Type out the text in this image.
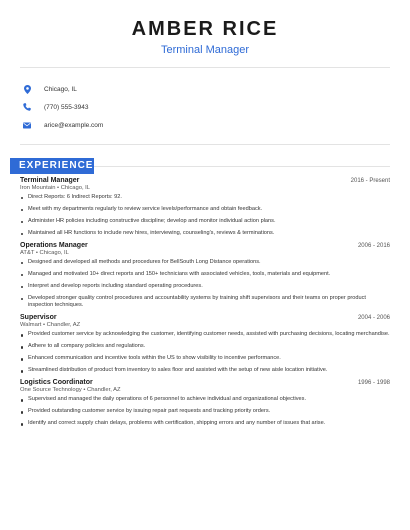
AMBER RICE
Terminal Manager
Chicago, IL
(770) 555-3943
arice@example.com
EXPERIENCE
Terminal Manager	2016 - Present
Iron Mountain • Chicago, IL
Direct Reports: 6 Indirect Reports: 92.
Meet with my departments regularly to review service levels/performance and obtain feedback.
Administer HR policies including constructive discipline; develop and monitor individual action plans.
Maintained all HR functions to include new hires, interviewing, counseling's, reviews & terminations.
Operations Manager	2006 - 2016
AT&T • Chicago, IL
Designed and developed all methods and procedures for BellSouth Long Distance operations.
Managed and motivated 10+ direct reports and 150+ technicians with associated vehicles, tools, materials and equipment.
Interpret and develop reports including standard operating procedures.
Developed stronger quality control procedures and accountability systems by training shift supervisors and their teams on proper product inspection techniques.
Supervisor	2004 - 2006
Walmart • Chandler, AZ
Provided customer service by acknowledging the customer, identifying customer needs, assisted with purchasing decisions, locating merchandise.
Adhere to all company policies and regulations.
Enhanced communication and incentive tools within the US to show visibility to incentive performance.
Streamlined distribution of product from inventory to sales floor and assisted with the setup of new aisle location initiative.
Logistics Coordinator	1996 - 1998
One Source Technology • Chandler, AZ
Supervised and managed the daily operations of 6 personnel to achieve individual and organizational objectives.
Provided outstanding customer service by issuing repair part requests and tracking priority orders.
Identify and correct supply chain delays, problems with certification, shipping errors and any number of issues that arise.
